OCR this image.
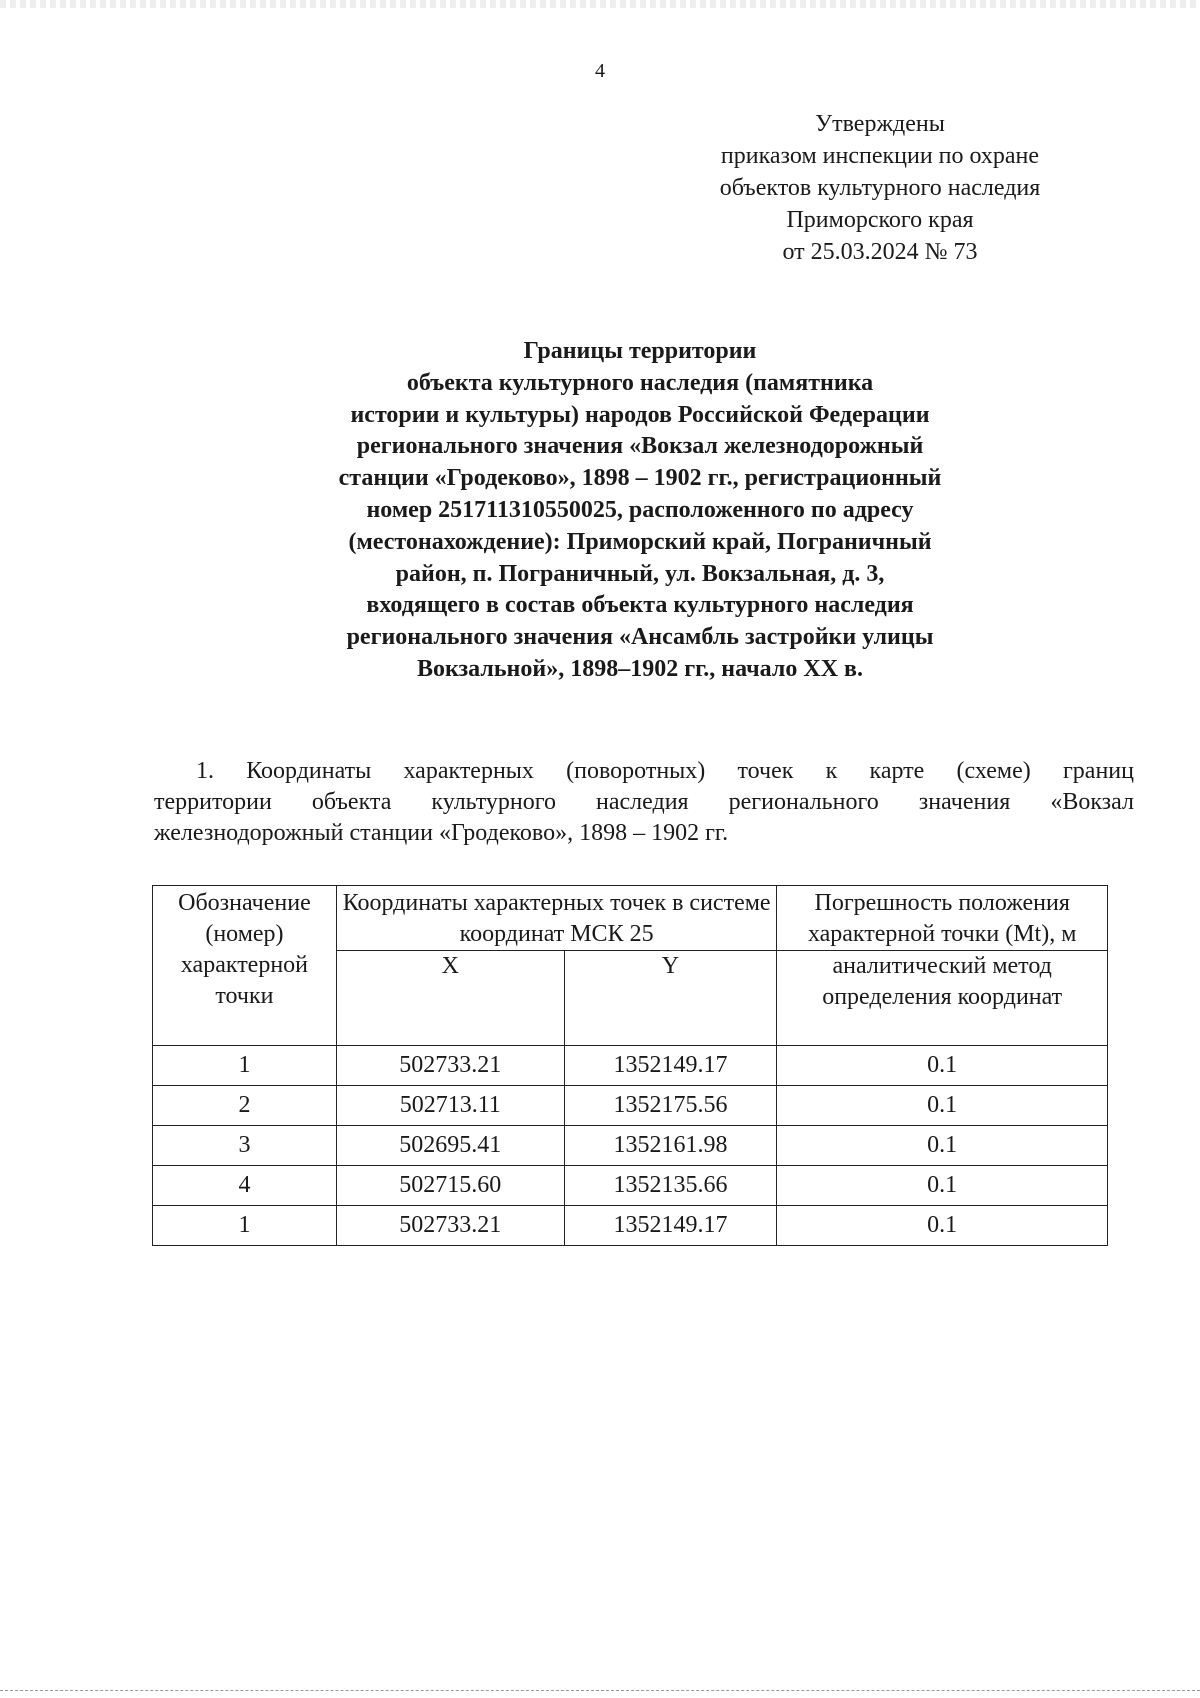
4
Утверждены
приказом инспекции по охране
объектов культурного наследия
Приморского края
от 25.03.2024 № 73
Границы территории
объекта культурного наследия (памятника
истории и культуры) народов Российской Федерации
регионального значения «Вокзал железнодорожный
станции «Гродеково», 1898 – 1902 гг., регистрационный
номер 251711310550025, расположенного по адресу
(местонахождение): Приморский край, Пограничный
район, п. Пограничный, ул. Вокзальная, д. 3,
входящего в состав объекта культурного наследия
регионального значения «Ансамбль застройки улицы
Вокзальной», 1898–1902 гг., начало XX в.
1. Координаты характерных (поворотных) точек к карте (схеме) границ
территории объекта культурного наследия регионального значения «Вокзал
железнодорожный станции «Гродеково», 1898 – 1902 гг.
Обозначение (номер) характерной точки	Координаты характерных точек в системе координат МСК 25		Погрешность положения характерной точки (Mt), м
	X	Y	аналитический метод определения координат
1	502733.21	1352149.17	0.1
2	502713.11	1352175.56	0.1
3	502695.41	1352161.98	0.1
4	502715.60	1352135.66	0.1
1	502733.21	1352149.17	0.1
